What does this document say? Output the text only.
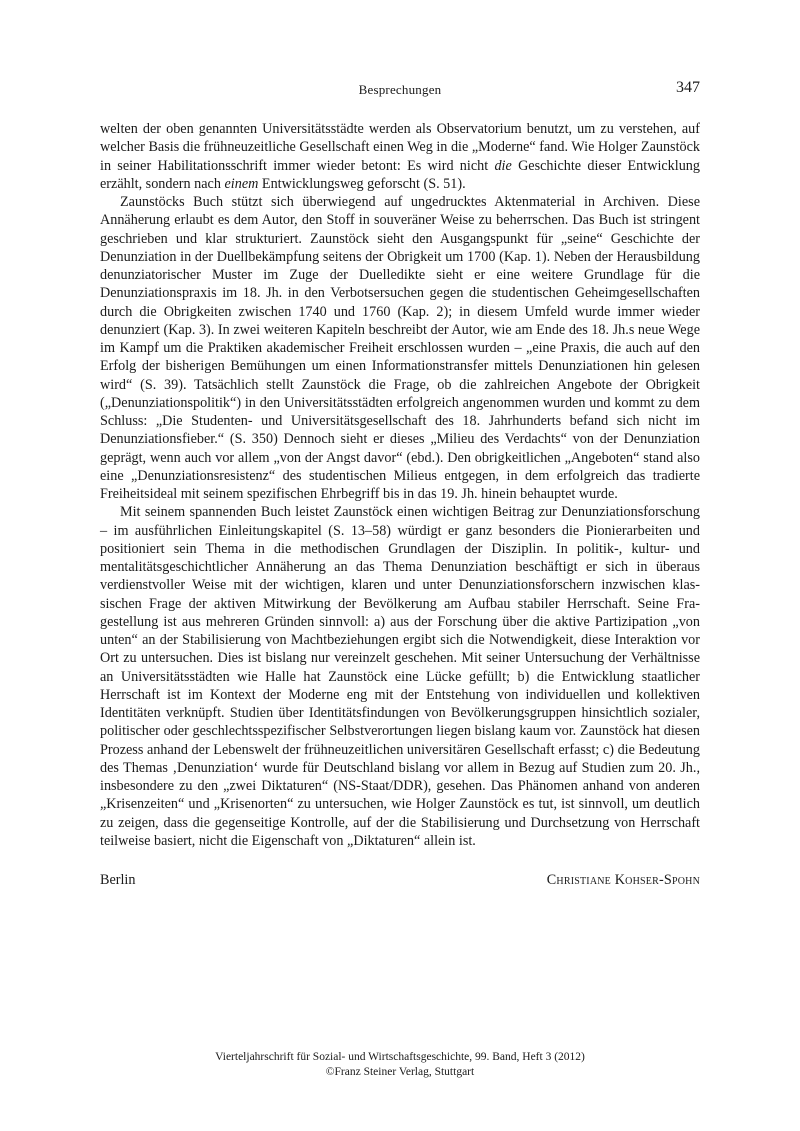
Besprechungen	347

welten der oben genannten Universitätsstädte werden als Observatorium benutzt, um zu verstehen, auf welcher Basis die frühneuzeitliche Gesellschaft einen Weg in die „Moderne“ fand. Wie Holger Zaunstöck in seiner Habilitationsschrift immer wieder betont: Es wird nicht die Geschichte dieser Entwicklung erzählt, sondern nach einem Entwicklungsweg geforscht (S. 51).

Zaunstöcks Buch stützt sich überwiegend auf ungedrucktes Aktenmaterial in Archiven. Diese Annäherung erlaubt es dem Autor, den Stoff in souveräner Weise zu beherrschen. Das Buch ist stringent geschrieben und klar strukturiert. Zaunstöck sieht den Ausgangspunkt für „seine“ Geschichte der Denunziation in der Duellbekämpfung seitens der Obrigkeit um 1700 (Kap. 1). Neben der Herausbildung denunziatorischer Muster im Zuge der Duelledikte sieht er eine weitere Grundlage für die Denunziationspraxis im 18. Jh. in den Verbotsersuchen gegen die studentischen Geheimgesellschaften durch die Obrigkeiten zwischen 1740 und 1760 (Kap. 2); in diesem Umfeld wurde immer wieder denunziert (Kap. 3). In zwei weiteren Kapiteln beschreibt der Autor, wie am Ende des 18. Jh.s neue Wege im Kampf um die Praktiken akademischer Freiheit erschlossen wurden – „eine Praxis, die auch auf den Erfolg der bisherigen Bemühungen um einen Informationstransfer mittels Denunziationen hin gelesen wird“ (S. 39). Tatsächlich stellt Zaunstöck die Frage, ob die zahlreichen Angebote der Obrigkeit („Denunziationspolitik“) in den Universitätsstädten erfolgreich angenommen wurden und kommt zu dem Schluss: „Die Studenten- und Universitätsgesellschaft des 18. Jahrhunderts befand sich nicht im Denunziationsfieber.“ (S. 350) Dennoch sieht er dieses „Milieu des Verdachts“ von der Denunziation geprägt, wenn auch vor allem „von der Angst davor“ (ebd.). Den obrigkeitlichen „Angeboten“ stand also eine „Denunziationsresistenz“ des studentischen Milieus entgegen, in dem erfolgreich das tradierte Freiheitsideal mit seinem spezifischen Ehrbegriff bis in das 19. Jh. hinein behauptet wurde.

Mit seinem spannenden Buch leistet Zaunstöck einen wichtigen Beitrag zur Denunziationsforschung – im ausführlichen Einleitungskapitel (S. 13–58) würdigt er ganz besonders die Pionierarbeiten und positioniert sein Thema in die methodischen Grundlagen der Disziplin. In politik-, kultur- und mentalitätsgeschichtlicher Annäherung an das Thema Denunziation beschäftigt er sich in überaus verdienstvoller Weise mit der wichtigen, klaren und unter Denunziationsforschern inzwischen klassischen Frage der aktiven Mitwirkung der Bevölkerung am Aufbau stabiler Herrschaft. Seine Fragestellung ist aus mehreren Gründen sinnvoll: a) aus der Forschung über die aktive Partizipation „von unten“ an der Stabilisierung von Machtbeziehungen ergibt sich die Notwendigkeit, diese Interaktion vor Ort zu untersuchen. Dies ist bislang nur vereinzelt geschehen. Mit seiner Untersuchung der Verhältnisse an Universitätsstädten wie Halle hat Zaunstöck eine Lücke gefüllt; b) die Entwicklung staatlicher Herrschaft ist im Kontext der Moderne eng mit der Entstehung von individuellen und kollektiven Identitäten verknüpft. Studien über Identitätsfindungen von Bevölkerungsgruppen hinsichtlich sozialer, politischer oder geschlechtsspezifischer Selbstverortungen liegen bislang kaum vor. Zaunstöck hat diesen Prozess anhand der Lebenswelt der frühneuzeitlichen universitären Gesellschaft erfasst; c) die Bedeutung des Themas ‚Denunziation‘ wurde für Deutschland bislang vor allem in Bezug auf Studien zum 20. Jh., insbesondere zu den „zwei Diktaturen“ (NS-Staat/DDR), gesehen. Das Phänomen anhand von anderen „Krisenzeiten“ und „Krisenorten“ zu untersuchen, wie Holger Zaunstöck es tut, ist sinnvoll, um deutlich zu zeigen, dass die gegenseitige Kontrolle, auf der die Stabilisierung und Durchsetzung von Herrschaft teilweise basiert, nicht die Eigenschaft von „Diktaturen“ allein ist.

Berlin	Christiane Kohser-Spohn
Vierteljahrschrift für Sozial- und Wirtschaftsgeschichte, 99. Band, Heft 3 (2012)
©Franz Steiner Verlag, Stuttgart
